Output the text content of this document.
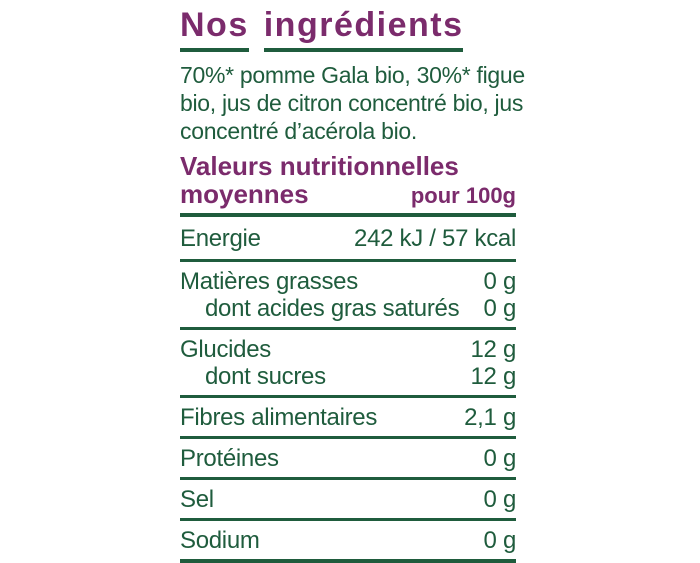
Nos ingrédients

70%* pomme Gala bio, 30%* figue bio, jus de citron concentré bio, jus concentré d’acérola bio.

Valeurs nutritionnelles
moyennes	pour 100g
Energie	242 kJ / 57 kcal
Matières grasses	0 g
dont acides gras saturés 0 g
Glucides	12 g
dont sucres	12 g
Fibres alimentaires	2,1 g
Protéines	0 g
Sel	0 g
Sodium	0 g
